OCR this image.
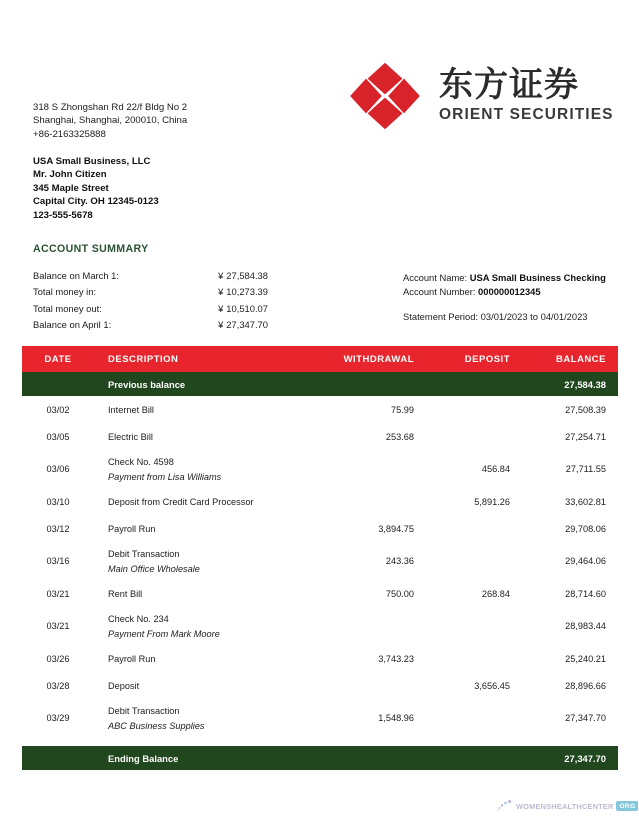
东方证券
ORIENT SECURITIES
318 S Zhongshan Rd 22/f Bldg No 2
Shanghai, Shanghai, 200010, China
+86-2163325888
USA Small Business, LLC
Mr. John Citizen
345 Maple Street
Capital City. OH 12345-0123
123-555-5678
ACCOUNT SUMMARY
Balance on March 1:	¥ 27,584.38
Total money in:	¥ 10,273.39
Total money out:	¥ 10,510.07
Balance on April 1:	¥ 27,347.70
Account Name: USA Small Business Checking
Account Number: 000000012345
Statement Period: 03/01/2023 to 04/01/2023
DATE	DESCRIPTION	WITHDRAWAL	DEPOSIT	BALANCE
	Previous balance			27,584.38
03/02	Internet Bill	75.99		27,508.39
03/05	Electric Bill	253.68		27,254.71
03/06	Check No. 4598
Payment from Lisa Williams		456.84	27,711.55
03/10	Deposit from Credit Card Processor		5,891.26	33,602.81
03/12	Payroll Run	3,894.75		29,708.06
03/16	Debit Transaction
Main Office Wholesale	243.36		29,464.06
03/21	Rent Bill	750.00	268.84	28,714.60
03/21	Check No. 234
Payment From Mark Moore			28,983.44
03/26	Payroll Run	3,743.23		25,240.21
03/28	Deposit		3,656.45	28,896.66
03/29	Debit Transaction
ABC Business Supplies	1,548.96		27,347.70

	Ending Balance			27,347.70
WOMENSHEALTHCENTER ORG
